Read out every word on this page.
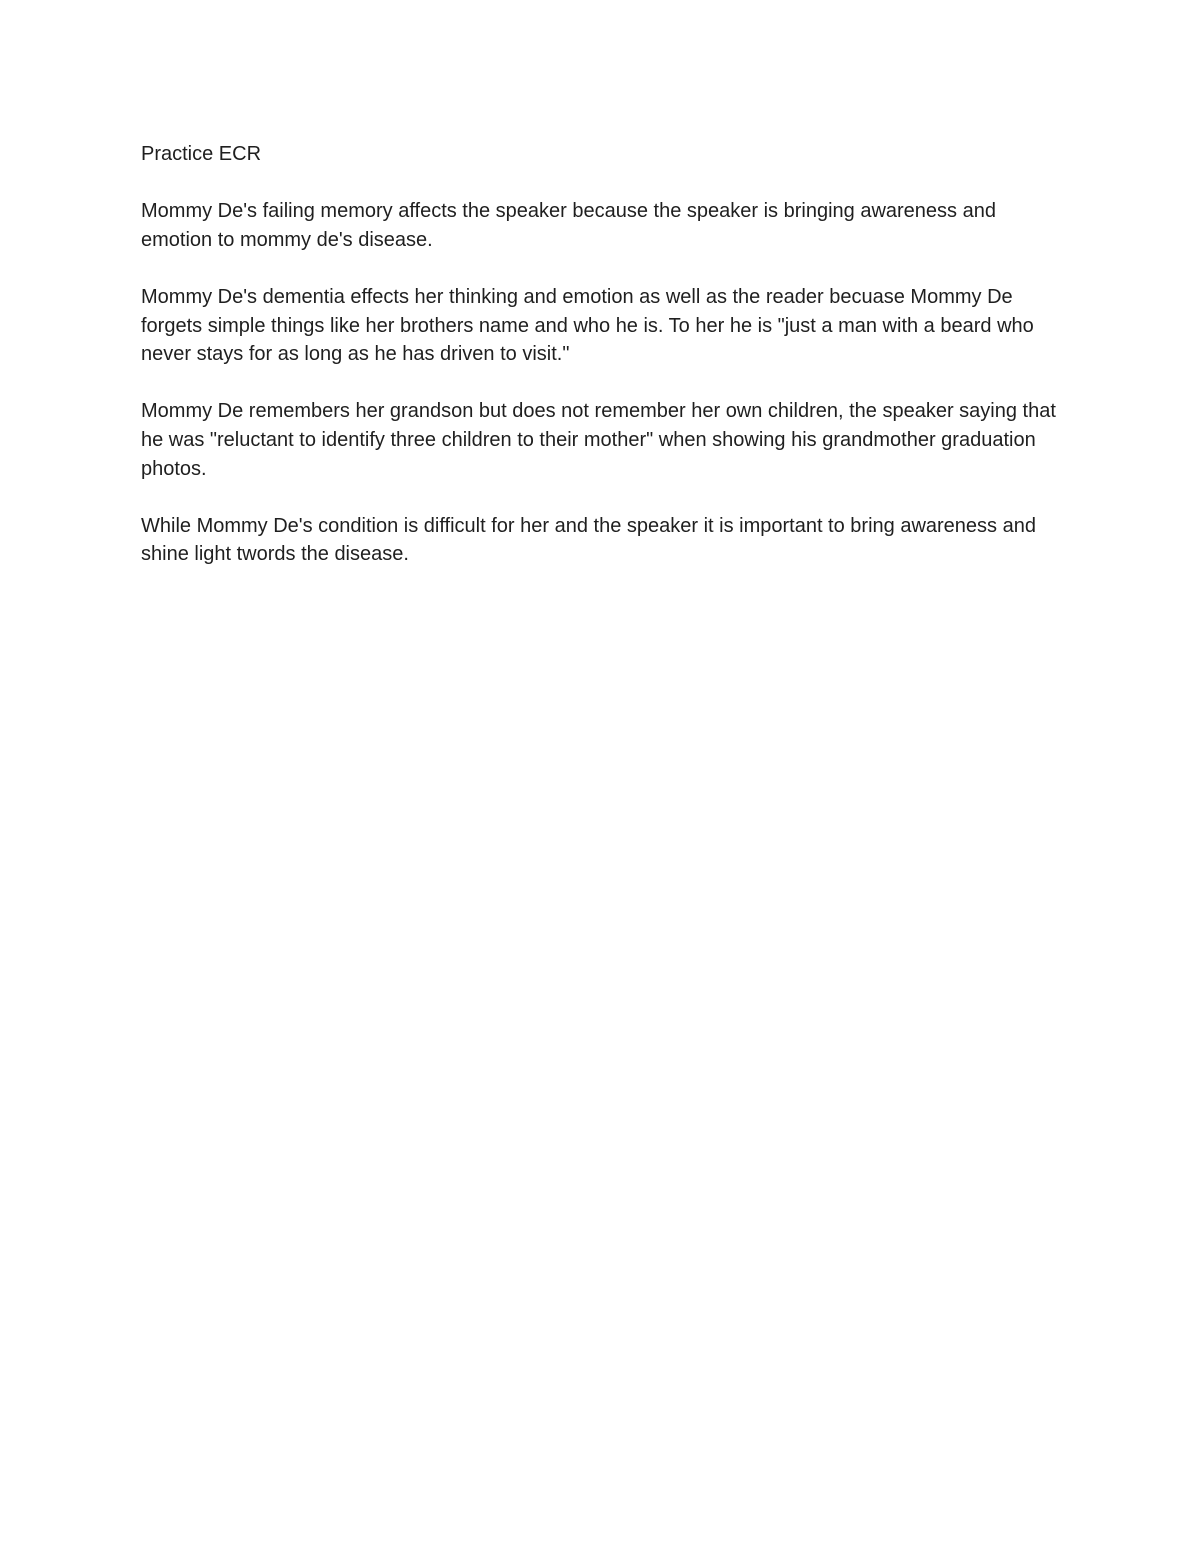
Practice ECR

Mommy De's failing memory affects the speaker because the speaker is bringing awareness and emotion to mommy de's disease.

Mommy De's dementia effects her thinking and emotion as well as the reader becuase Mommy De forgets simple things like her brothers name and who he is. To her he is "just a man with a beard who never stays for as long as he has driven to visit."

Mommy De remembers her grandson but does not remember her own children, the speaker saying that he was "reluctant to identify three children to their mother" when showing his grandmother graduation photos.

While Mommy De's condition is difficult for her and the speaker it is important to bring awareness and shine light twords the disease.
